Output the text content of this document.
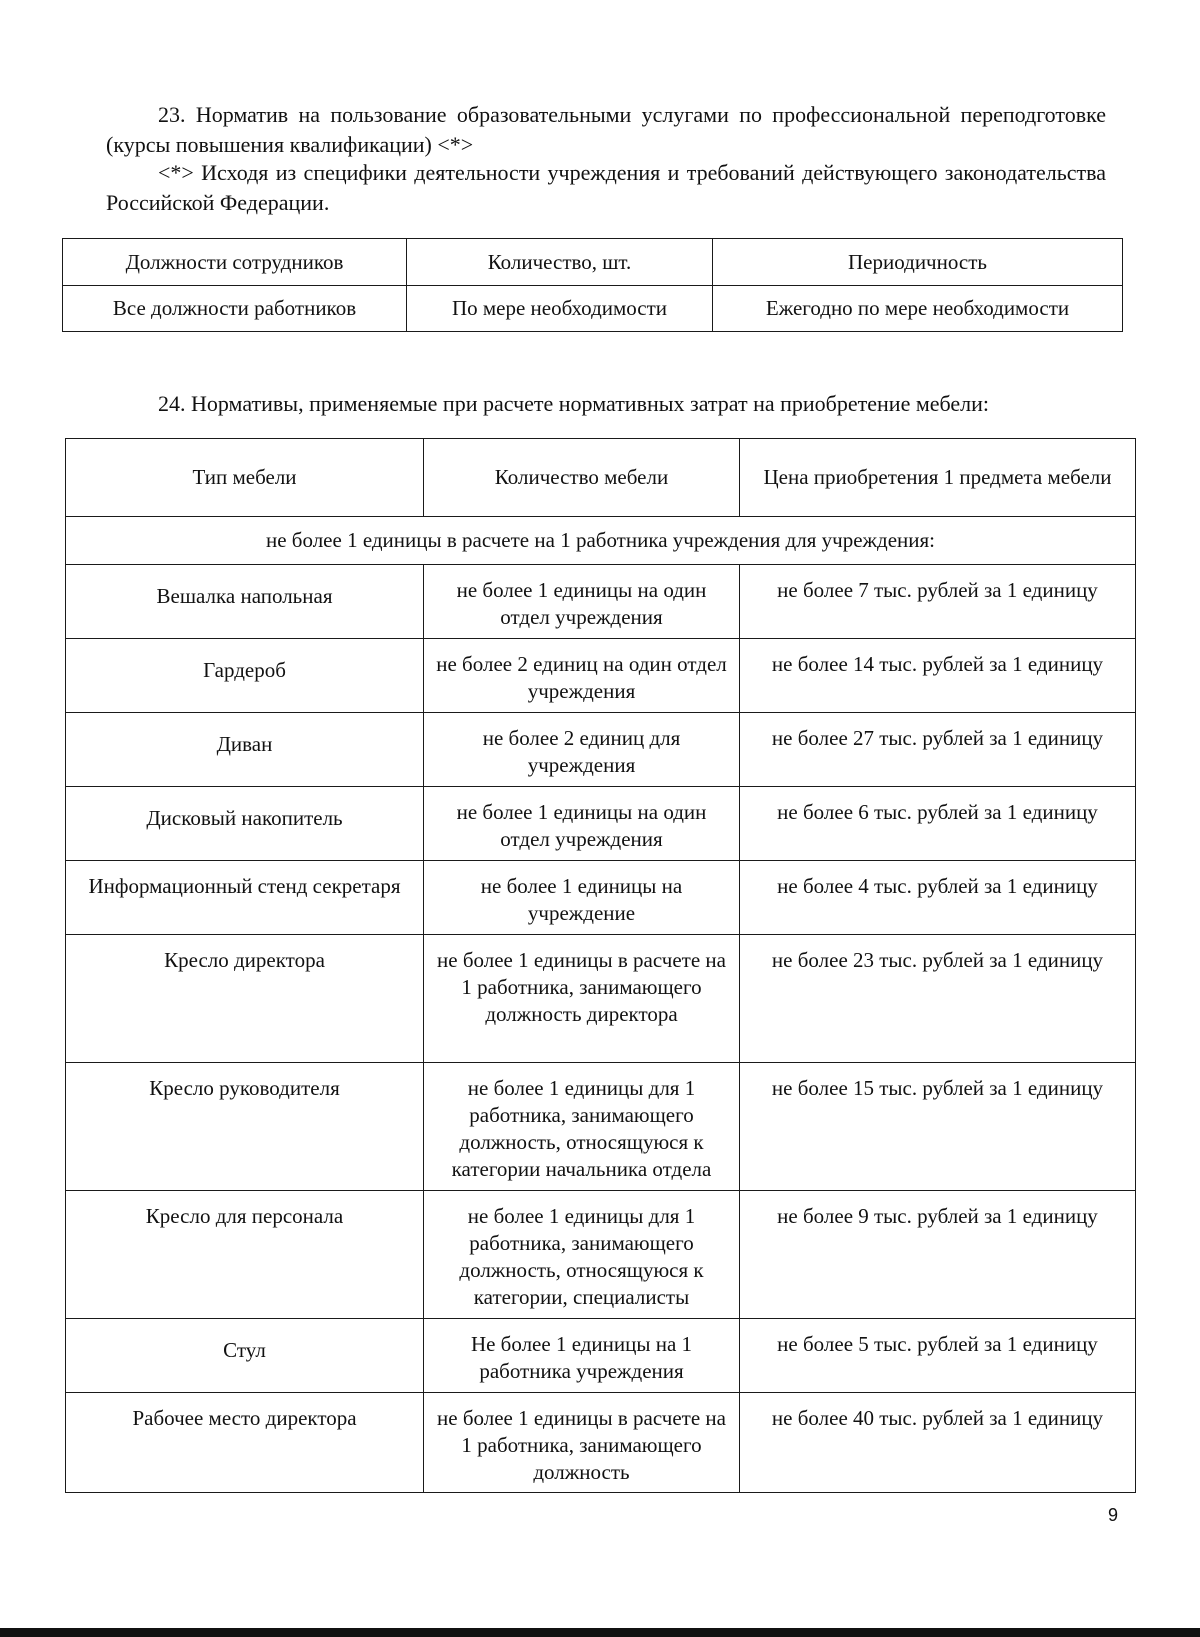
23. Норматив на пользование образовательными услугами по профессиональной переподготовке (курсы повышения квалификации) <*>

<*> Исходя из специфики деятельности учреждения и требований действующего законодательства Российской Федерации.

Должности сотрудников	Количество, шт.	Периодичность
Все должности работников	По мере необходимости	Ежегодно по мере необходимости

24. Нормативы, применяемые при расчете нормативных затрат на приобретение мебели:

Тип мебели	Количество мебели	Цена приобретения 1 предмета мебели
не более 1 единицы в расчете на 1 работника учреждения для учреждения:		
Вешалка напольная	не более 1 единицы на один отдел учреждения	не более 7 тыс. рублей за 1 единицу
Гардероб	не более 2 единиц на один отдел учреждения	не более 14 тыс. рублей за 1 единицу
Диван	не более 2 единиц для учреждения	не более 27 тыс. рублей за 1 единицу
Дисковый накопитель	не более 1 единицы на один отдел учреждения	не более 6 тыс. рублей за 1 единицу
Информационный стенд секретаря	не более 1 единицы на учреждение	не более 4 тыс. рублей за 1 единицу
Кресло директора	не более 1 единицы в расчете на 1 работника, занимающего должность директора	не более 23 тыс. рублей за 1 единицу
Кресло руководителя	не более 1 единицы для 1 работника, занимающего должность, относящуюся к категории начальника отдела	не более 15 тыс. рублей за 1 единицу
Кресло для персонала	не более 1 единицы для 1 работника, занимающего должность, относящуюся к категории, специалисты	не более 9 тыс. рублей за 1 единицу
Стул	Не более 1 единицы на 1 работника учреждения	не более 5 тыс. рублей за 1 единицу
Рабочее место директора	не более 1 единицы в расчете на 1 работника, занимающего должность	не более 40 тыс. рублей за 1 единицу
9
